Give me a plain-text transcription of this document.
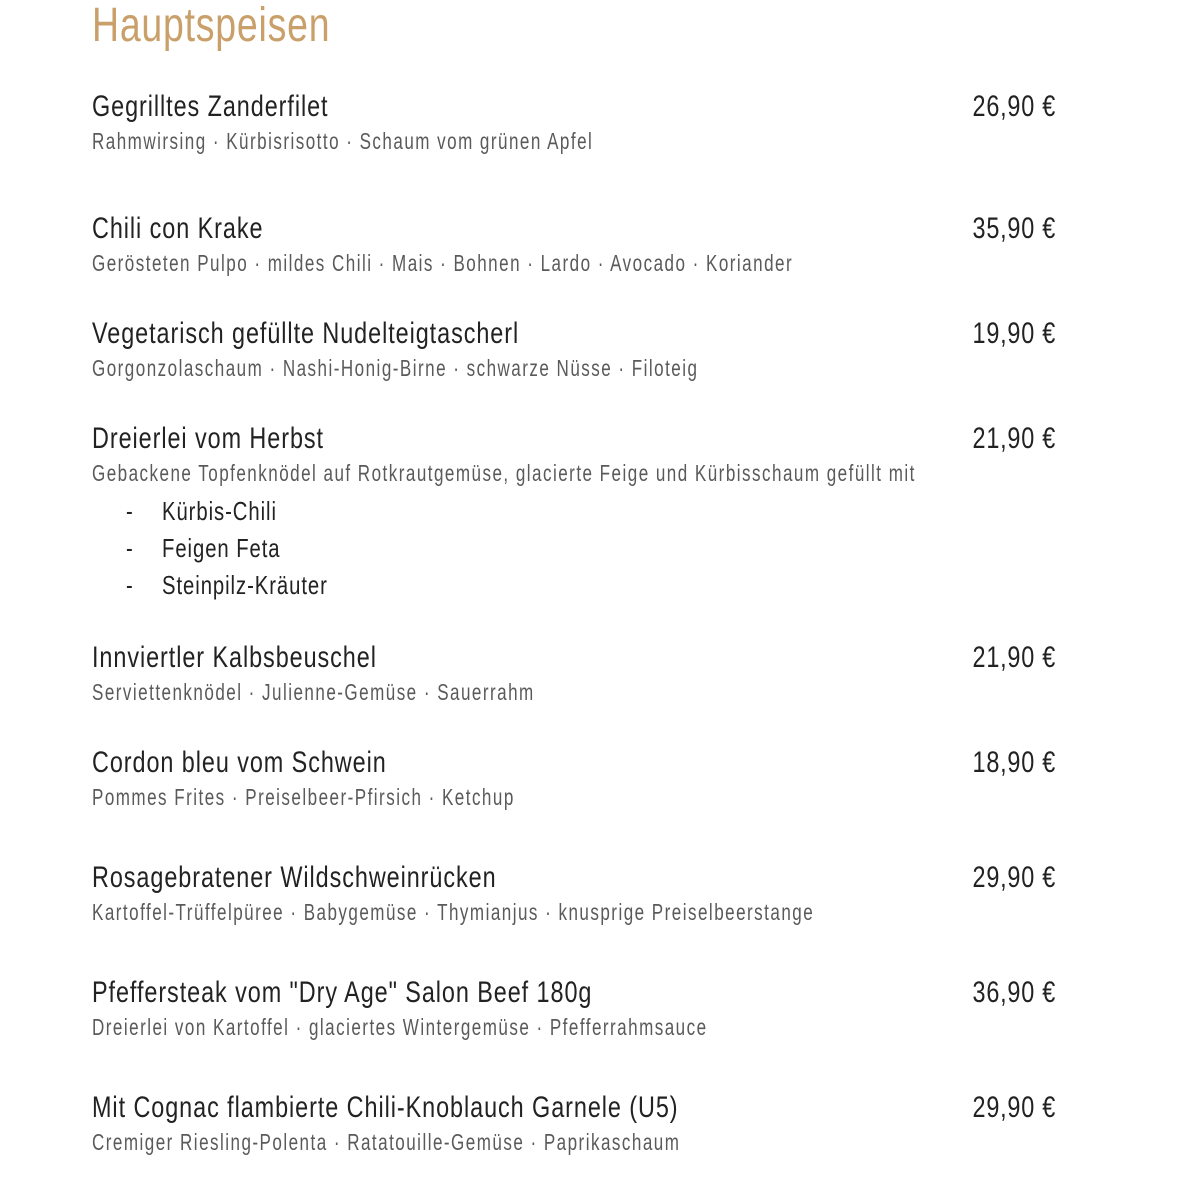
Hauptspeisen
Gegrilltes Zanderfilet	26,90 €
Rahmwirsing · Kürbisrisotto · Schaum vom grünen Apfel
Chili con Krake	35,90 €
Gerösteten Pulpo · mildes Chili · Mais · Bohnen · Lardo · Avocado · Koriander
Vegetarisch gefüllte Nudelteigtascherl	19,90 €
Gorgonzolaschaum · Nashi-Honig-Birne · schwarze Nüsse · Filoteig
Dreierlei vom Herbst	21,90 €
Gebackene Topfenknödel auf Rotkrautgemüse, glacierte Feige und Kürbisschaum gefüllt mit
- Kürbis-Chili
- Feigen Feta
- Steinpilz-Kräuter
Innviertler Kalbsbeuschel	21,90 €
Serviettenknödel · Julienne-Gemüse · Sauerrahm
Cordon bleu vom Schwein	18,90 €
Pommes Frites · Preiselbeer-Pfirsich · Ketchup
Rosagebratener Wildschweinrücken	29,90 €
Kartoffel-Trüffelpüree · Babygemüse · Thymianjus · knusprige Preiselbeerstange
Pfeffersteak vom "Dry Age" Salon Beef 180g	36,90 €
Dreierlei von Kartoffel · glaciertes Wintergemüse · Pfefferrahmsauce
Mit Cognac flambierte Chili-Knoblauch Garnele (U5)	29,90 €
Cremiger Riesling-Polenta · Ratatouille-Gemüse · Paprikaschaum
